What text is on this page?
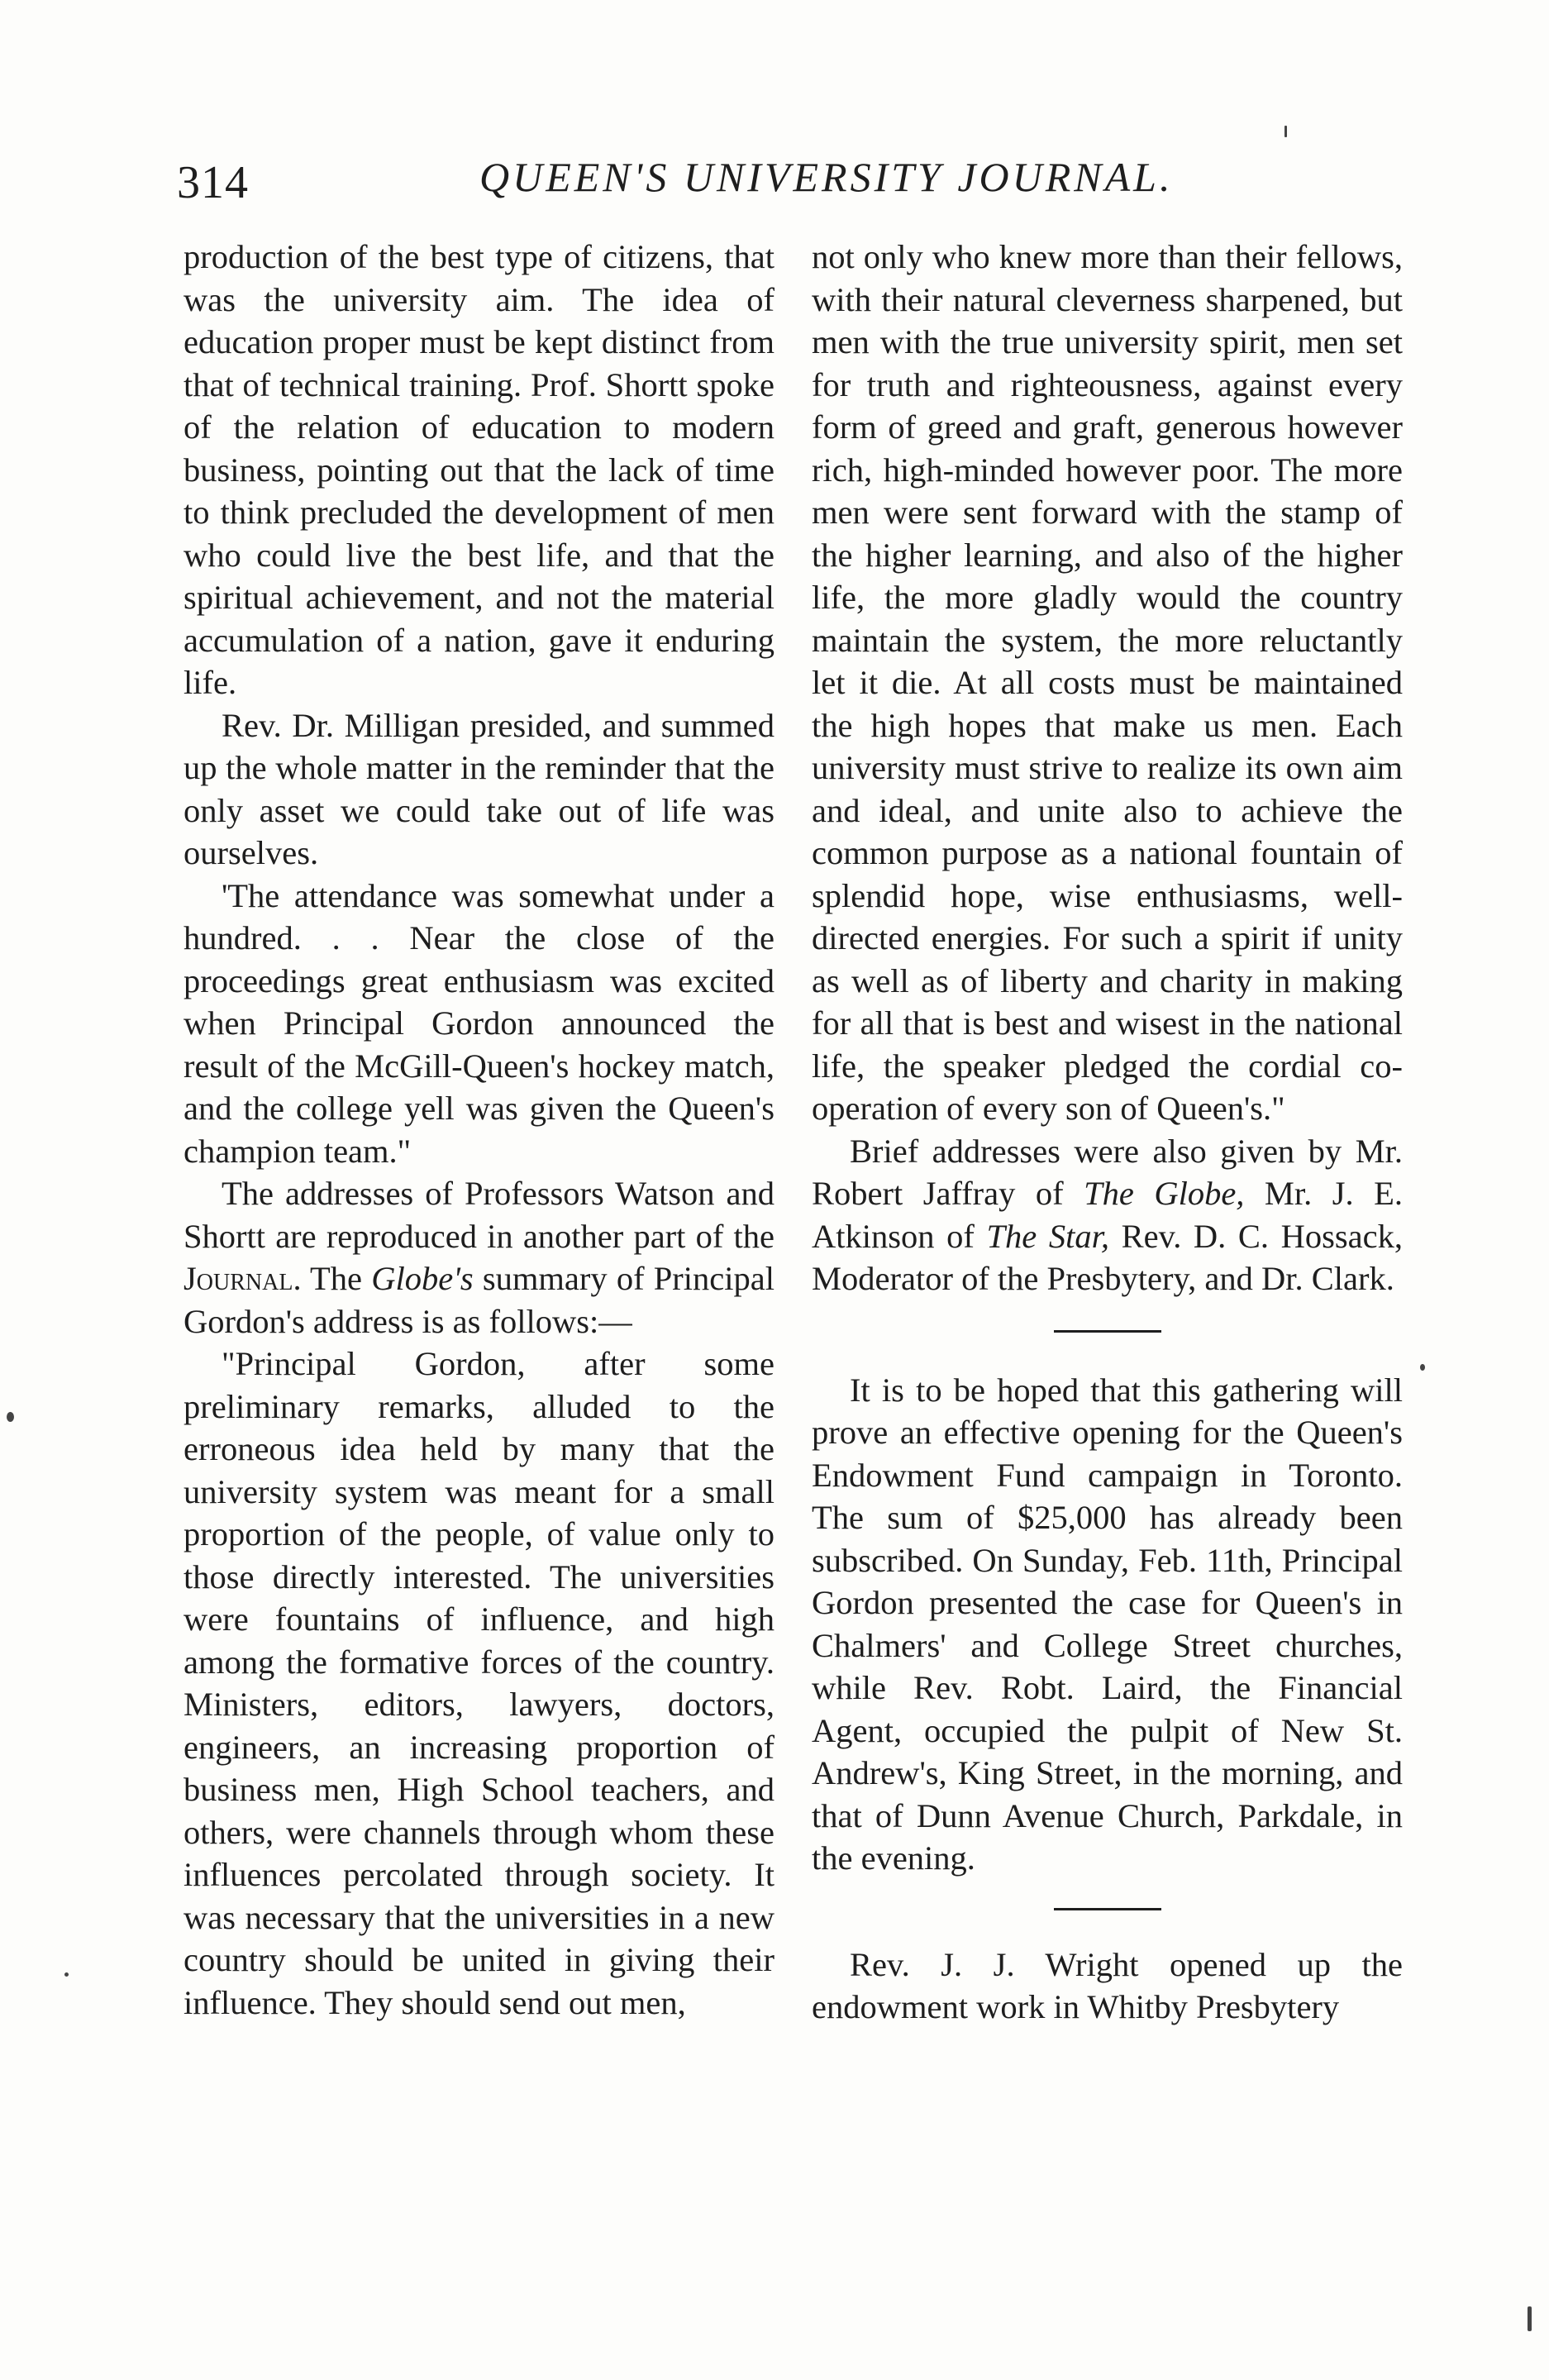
314	QUEEN'S UNIVERSITY JOURNAL.

production of the best type of citizens, that was the university aim. The idea of education proper must be kept distinct from that of technical training. Prof. Shortt spoke of the relation of education to modern business, pointing out that the lack of time to think precluded the development of men who could live the best life, and that the spiritual achievement, and not the material accumulation of a nation, gave it enduring life.

Rev. Dr. Milligan presided, and summed up the whole matter in the reminder that the only asset we could take out of life was ourselves.

'The attendance was somewhat under a hundred. . . Near the close of the proceedings great enthusiasm was excited when Principal Gordon announced the result of the McGill-Queen's hockey match, and the college yell was given the Queen's champion team."

The addresses of Professors Watson and Shortt are reproduced in another part of the Journal. The Globe's summary of Principal Gordon's address is as follows:—

"Principal Gordon, after some preliminary remarks, alluded to the erroneous idea held by many that the university system was meant for a small proportion of the people, of value only to those directly interested. The universities were fountains of influence, and high among the formative forces of the country. Ministers, editors, lawyers, doctors, engineers, an increasing proportion of business men, High School teachers, and others, were channels through whom these influences percolated through society. It was necessary that the universities in a new country should be united in giving their influence. They should send out men,

not only who knew more than their fellows, with their natural cleverness sharpened, but men with the true university spirit, men set for truth and righteousness, against every form of greed and graft, generous however rich, high-minded however poor. The more men were sent forward with the stamp of the higher learning, and also of the higher life, the more gladly would the country maintain the system, the more reluctantly let it die. At all costs must be maintained the high hopes that make us men. Each university must strive to realize its own aim and ideal, and unite also to achieve the common purpose as a national fountain of splendid hope, wise enthusiasms, well-directed energies. For such a spirit if unity as well as of liberty and charity in making for all that is best and wisest in the national life, the speaker pledged the cordial co-operation of every son of Queen's."

Brief addresses were also given by Mr. Robert Jaffray of The Globe, Mr. J. E. Atkinson of The Star, Rev. D. C. Hossack, Moderator of the Presbytery, and Dr. Clark.

It is to be hoped that this gathering will prove an effective opening for the Queen's Endowment Fund campaign in Toronto. The sum of $25,000 has already been subscribed. On Sunday, Feb. 11th, Principal Gordon presented the case for Queen's in Chalmers' and College Street churches, while Rev. Robt. Laird, the Financial Agent, occupied the pulpit of New St. Andrew's, King Street, in the morning, and that of Dunn Avenue Church, Parkdale, in the evening.

Rev. J. J. Wright opened up the endowment work in Whitby Presbytery
